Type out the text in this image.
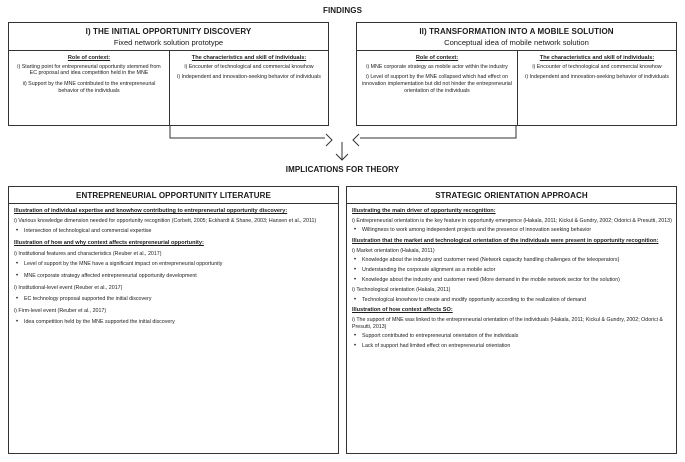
FINDINGS
I) THE INITIAL OPPORTUNITY DISCOVERY
Fixed network solution prototype
Role of context:
i) Starting point for entrepreneurial opportunity stemmed from EC proposal and idea competition held in the MNE
ii) Support by the MNE contributed to the entrepreneurial behavior of the individuals
The characteristics and skill of individuals:
i) Encounter of technological and commercial knowhow
i) Independent and innovation-seeking behavior of individuals
II) TRANSFORMATION INTO A MOBILE SOLUTION
Conceptual idea of mobile network solution
Role of context:
i) MNE corporate strategy as mobile actor within the industry
i) Level of support by the MNE collapsed which had effect on innovation implementation but did not hinder the entrepreneurial orientation of the individuals
The characteristics and skill of individuals:
i) Encounter of technological and commercial knowhow
i) Independent and innovation-seeking behavior of individuals
IMPLICATIONS FOR THEORY
ENTREPRENEURIAL OPPORTUNITY LITERATURE
Illustration of individual expertise and knowhow contributing to entrepreneurial opportunity discovery:
i) Various knowledge dimension needed for opportunity recognition (Corbett, 2005; Eckhardt & Shane, 2003; Hansen et al., 2011)
• Intersection of technological and commercial expertise
Illustration of how and why context affects entrepreneurial opportunity:
i) Institutional features and characteristics (Reuber et al., 2017)
• Level of support by the MNE have a significant impact on entrepreneurial opportunity
• MNE corporate strategy affected entrepreneurial opportunity development
i) Institutional-level event (Reuber et al., 2017)
• EC technology proposal supported the initial discovery
i) Firm-level event (Reuber et al., 2017)
• Idea competition held by the MNE supported the initial discovery
STRATEGIC ORIENTATION APPROACH
Illustrating the main driver of opportunity recognition:
i) Entrepreneurial orientation is the key feature in opportunity emergence (Hakala, 2011; Kickul & Gundry, 2002; Odorici & Presutti, 2013)
• Willingness to work among independent projects and the presence of innovation seeking behavior
Illustration that the market and technological orientation of the individuals were present in opportunity recognition:
i) Market orientation (Hakala, 2011)
• Knowledge about the industry and customer need (Network capacity handling challenges of the teleoperators)
• Understanding the corporate alignment as a mobile actor
• Knowledge about the industry and customer need (More demand in the mobile network sector for the solution)
i) Technological orientation (Hakala, 2011)
• Technological knowhow to create and modify opportunity according to the realization of demand
Illustration of how context affects SO:
i) The support of MNE was linked to the entrepreneurial orientation of the individuals (Hakala, 2011; Kickul & Gundry, 2002; Odorici & Presutti, 2013)
• Support contributed to entrepreneurial orientation of the individuals
• Lack of support had limited effect on entrepreneurial orientation
